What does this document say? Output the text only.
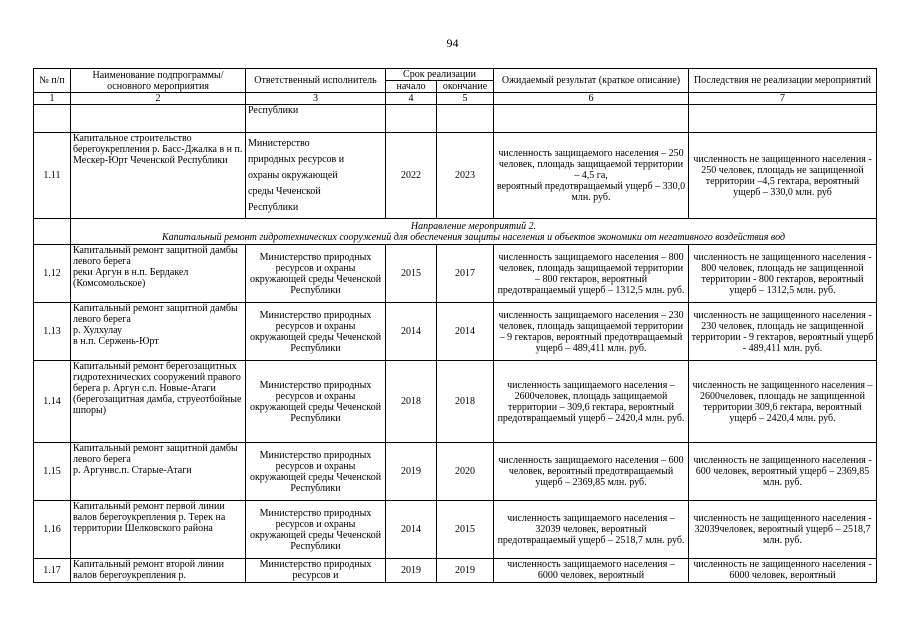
94
№ п/п	Наименование подпрограммы/ основного мероприятия	Ответственный исполнитель	Срок реализации		Ожидаемый результат (краткое описание)	Последствия не реализации мероприятий
			начало	окончание		
1	2	3	4	5	6	7
		Республики				
1.11	Капитальное строительство берегоукрепления р. Басс-Джалка в н п. Мескер-Юрт Чеченской Республики	Министерство
природных ресурсов и
охраны окружающей
среды Чеченской
Республики	2022	2023	численность защищаемого населения – 250 человек, площадь защищаемой территории – 4,5 га,
вероятный предотвращаемый ущерб – 330,0 млн. руб.	численность не защищенного населения - 250 человек, площадь не защищенной территории –4,5 гектара, вероятный ущерб – 330,0 млн. руб

	Направление мероприятий 2.
Капитальный ремонт гидротехнических сооружений для обеспечения защиты населения и объектов экономики от негативного воздействия вод					

1.12	Капитальный ремонт защитной дамбы левого берега
реки Аргун в н.п. Бердакел (Комсомольское)	Министерство природных ресурсов и охраны окружающей среды Чеченской Республики	2015	2017	численность защищаемого населения – 800 человек, площадь защищаемой территории – 800 гектаров, вероятный предотвращаемый ущерб – 1312,5 млн. руб.	численность не защищенного населения - 800 человек, площадь не защищенной территории - 800 гектаров, вероятный ущерб – 1312,5 млн. руб.
1.13	Капитальный ремонт защитной дамбы левого берега
р. Хулхулау
в н.п. Сержень-Юрт	Министерство природных ресурсов и охраны окружающей среды Чеченской Республики	2014	2014	численность защищаемого населения – 230 человек, площадь защищаемой территории – 9 гектаров, вероятный предотвращаемый ущерб – 489,411 млн. руб.	численность не защищенного населения - 230 человек, площадь не защищенной территории - 9 гектаров, вероятный ущерб - 489,411 млн. руб.
1.14	Капитальный ремонт берегозащитных гидротехнических сооружений правого берега р. Аргун с.п. Новые-Атаги (берегозащитная дамба, струеотбойные шпоры)	Министерство природных ресурсов и охраны окружающей среды Чеченской Республики	2018	2018	численность защищаемого населения – 2600человек, площадь защищаемой территории – 309,6 гектара, вероятный предотвращаемый ущерб – 2420,4 млн. руб.	численность не защищенного населения –2600человек, площадь не защищенной территории 309,6 гектара, вероятный ущерб – 2420,4 млн. руб.
1.15	Капитальный ремонт защитной дамбы левого берега
р. Аргунвс.п. Старые-Атаги	Министерство природных ресурсов и охраны окружающей среды Чеченской Республики	2019	2020	численность защищаемого населения – 600 человек, вероятный предотвращаемый ущерб – 2369,85 млн. руб.	численность не защищенного населения - 600 человек, вероятный ущерб – 2369,85 млн. руб.
1.16	Капитальный ремонт первой линии валов берегоукрепления р. Терек на территории Шелковского района	Министерство природных ресурсов и охраны окружающей среды Чеченской Республики	2014	2015	численность защищаемого населения – 32039 человек, вероятный предотвращаемый ущерб – 2518,7 млн. руб.	численность не защищенного населения - 32039человек, вероятный ущерб – 2518,7 млн. руб.
1.17	Капитальный ремонт второй линии валов берегоукрепления р.	Министерство природных ресурсов и	2019	2019	численность защищаемого населения – 6000 человек, вероятный	численность не защищенного населения - 6000 человек, вероятный
